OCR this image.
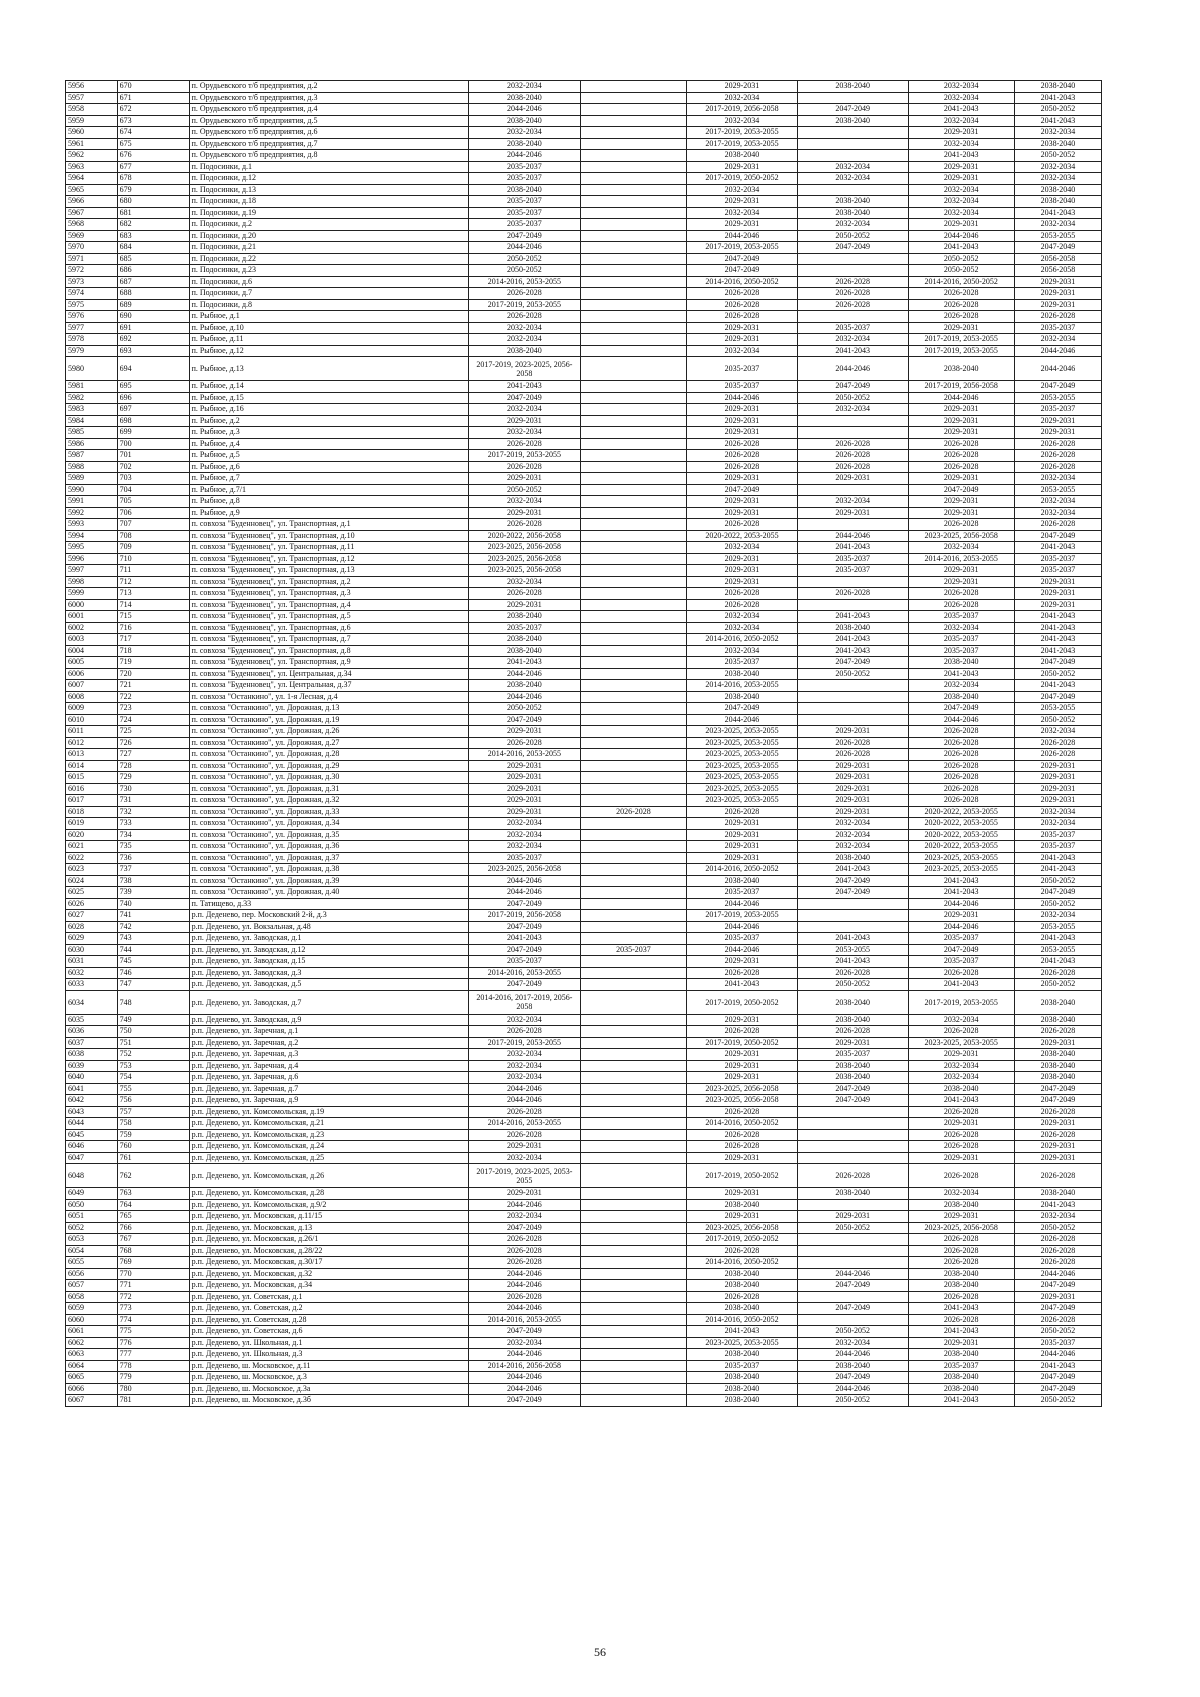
5956	670	п. Орудьевского т/б предприятия, д.2	2032-2034		2029-2031	2038-2040	2032-2034	2038-2040
5957	671	п. Орудьевского т/б предприятия, д.3	2038-2040		2032-2034		2032-2034	2041-2043
5958	672	п. Орудьевского т/б предприятия, д.4	2044-2046		2017-2019, 2056-2058	2047-2049	2041-2043	2050-2052
5959	673	п. Орудьевского т/б предприятия, д.5	2038-2040		2032-2034	2038-2040	2032-2034	2041-2043
5960	674	п. Орудьевского т/б предприятия, д.6	2032-2034		2017-2019, 2053-2055		2029-2031	2032-2034
5961	675	п. Орудьевского т/б предприятия, д.7	2038-2040		2017-2019, 2053-2055		2032-2034	2038-2040
5962	676	п. Орудьевского т/б предприятия, д.8	2044-2046		2038-2040		2041-2043	2050-2052
5963	677	п. Подосинки, д.1	2035-2037		2029-2031	2032-2034	2029-2031	2032-2034
5964	678	п. Подосинки, д.12	2035-2037		2017-2019, 2050-2052	2032-2034	2029-2031	2032-2034
5965	679	п. Подосинки, д.13	2038-2040		2032-2034		2032-2034	2038-2040
5966	680	п. Подосинки, д.18	2035-2037		2029-2031	2038-2040	2032-2034	2038-2040
5967	681	п. Подосинки, д.19	2035-2037		2032-2034	2038-2040	2032-2034	2041-2043
5968	682	п. Подосинки, д.2	2035-2037		2029-2031	2032-2034	2029-2031	2032-2034
5969	683	п. Подосинки, д.20	2047-2049		2044-2046	2050-2052	2044-2046	2053-2055
5970	684	п. Подосинки, д.21	2044-2046		2017-2019, 2053-2055	2047-2049	2041-2043	2047-2049
5971	685	п. Подосинки, д.22	2050-2052		2047-2049		2050-2052	2056-2058
5972	686	п. Подосинки, д.23	2050-2052		2047-2049		2050-2052	2056-2058
5973	687	п. Подосинки, д.6	2014-2016, 2053-2055		2014-2016, 2050-2052	2026-2028	2014-2016, 2050-2052	2029-2031
5974	688	п. Подосинки, д.7	2026-2028		2026-2028	2026-2028	2026-2028	2029-2031
5975	689	п. Подосинки, д.8	2017-2019, 2053-2055		2026-2028	2026-2028	2026-2028	2029-2031
5976	690	п. Рыбное, д.1	2026-2028		2026-2028		2026-2028	2026-2028
5977	691	п. Рыбное, д.10	2032-2034		2029-2031	2035-2037	2029-2031	2035-2037
5978	692	п. Рыбное, д.11	2032-2034		2029-2031	2032-2034	2017-2019, 2053-2055	2032-2034
5979	693	п. Рыбное, д.12	2038-2040		2032-2034	2041-2043	2017-2019, 2053-2055	2044-2046
5980	694	п. Рыбное, д.13	2017-2019, 2023-2025, 2056-2058		2035-2037	2044-2046	2038-2040	2044-2046
5981	695	п. Рыбное, д.14	2041-2043		2035-2037	2047-2049	2017-2019, 2056-2058	2047-2049
5982	696	п. Рыбное, д.15	2047-2049		2044-2046	2050-2052	2044-2046	2053-2055
5983	697	п. Рыбное, д.16	2032-2034		2029-2031	2032-2034	2029-2031	2035-2037
5984	698	п. Рыбное, д.2	2029-2031		2029-2031		2029-2031	2029-2031
5985	699	п. Рыбное, д.3	2032-2034		2029-2031		2029-2031	2029-2031
5986	700	п. Рыбное, д.4	2026-2028		2026-2028	2026-2028	2026-2028	2026-2028
5987	701	п. Рыбное, д.5	2017-2019, 2053-2055		2026-2028	2026-2028	2026-2028	2026-2028
5988	702	п. Рыбное, д.6	2026-2028		2026-2028	2026-2028	2026-2028	2026-2028
5989	703	п. Рыбное, д.7	2029-2031		2029-2031	2029-2031	2029-2031	2032-2034
5990	704	п. Рыбное, д.7/1	2050-2052		2047-2049		2047-2049	2053-2055
5991	705	п. Рыбное, д.8	2032-2034		2029-2031	2032-2034	2029-2031	2032-2034
5992	706	п. Рыбное, д.9	2029-2031		2029-2031	2029-2031	2029-2031	2032-2034
5993	707	п. совхоза "Буденновец", ул. Транспортная, д.1	2026-2028		2026-2028		2026-2028	2026-2028
5994	708	п. совхоза "Буденновец", ул. Транспортная, д.10	2020-2022, 2056-2058		2020-2022, 2053-2055	2044-2046	2023-2025, 2056-2058	2047-2049
5995	709	п. совхоза "Буденновец", ул. Транспортная, д.11	2023-2025, 2056-2058		2032-2034	2041-2043	2032-2034	2041-2043
5996	710	п. совхоза "Буденновец", ул. Транспортная, д.12	2023-2025, 2056-2058		2029-2031	2035-2037	2014-2016, 2053-2055	2035-2037
5997	711	п. совхоза "Буденновец", ул. Транспортная, д.13	2023-2025, 2056-2058		2029-2031	2035-2037	2029-2031	2035-2037
5998	712	п. совхоза "Буденновец", ул. Транспортная, д.2	2032-2034		2029-2031		2029-2031	2029-2031
5999	713	п. совхоза "Буденновец", ул. Транспортная, д.3	2026-2028		2026-2028	2026-2028	2026-2028	2029-2031
6000	714	п. совхоза "Буденновец", ул. Транспортная, д.4	2029-2031		2026-2028		2026-2028	2029-2031
6001	715	п. совхоза "Буденновец", ул. Транспортная, д.5	2038-2040		2032-2034	2041-2043	2035-2037	2041-2043
6002	716	п. совхоза "Буденновец", ул. Транспортная, д.6	2035-2037		2032-2034	2038-2040	2032-2034	2041-2043
6003	717	п. совхоза "Буденновец", ул. Транспортная, д.7	2038-2040		2014-2016, 2050-2052	2041-2043	2035-2037	2041-2043
6004	718	п. совхоза "Буденновец", ул. Транспортная, д.8	2038-2040		2032-2034	2041-2043	2035-2037	2041-2043
6005	719	п. совхоза "Буденновец", ул. Транспортная, д.9	2041-2043		2035-2037	2047-2049	2038-2040	2047-2049
6006	720	п. совхоза "Буденновец", ул. Центральная, д.34	2044-2046		2038-2040	2050-2052	2041-2043	2050-2052
6007	721	п. совхоза "Буденновец", ул. Центральная, д.37	2038-2040		2014-2016, 2053-2055		2032-2034	2041-2043
6008	722	п. совхоза "Останкино", ул. 1-я Лесная, д.4	2044-2046		2038-2040		2038-2040	2047-2049
6009	723	п. совхоза "Останкино", ул. Дорожная, д.13	2050-2052		2047-2049		2047-2049	2053-2055
6010	724	п. совхоза "Останкино", ул. Дорожная, д.19	2047-2049		2044-2046		2044-2046	2050-2052
6011	725	п. совхоза "Останкино", ул. Дорожная, д.26	2029-2031		2023-2025, 2053-2055	2029-2031	2026-2028	2032-2034
6012	726	п. совхоза "Останкино", ул. Дорожная, д.27	2026-2028		2023-2025, 2053-2055	2026-2028	2026-2028	2026-2028
6013	727	п. совхоза "Останкино", ул. Дорожная, д.28	2014-2016, 2053-2055		2023-2025, 2053-2055	2026-2028	2026-2028	2026-2028
6014	728	п. совхоза "Останкино", ул. Дорожная, д.29	2029-2031		2023-2025, 2053-2055	2029-2031	2026-2028	2029-2031
6015	729	п. совхоза "Останкино", ул. Дорожная, д.30	2029-2031		2023-2025, 2053-2055	2029-2031	2026-2028	2029-2031
6016	730	п. совхоза "Останкино", ул. Дорожная, д.31	2029-2031		2023-2025, 2053-2055	2029-2031	2026-2028	2029-2031
6017	731	п. совхоза "Останкино", ул. Дорожная, д.32	2029-2031		2023-2025, 2053-2055	2029-2031	2026-2028	2029-2031
6018	732	п. совхоза "Останкино", ул. Дорожная, д.33	2029-2031	2026-2028	2026-2028	2029-2031	2020-2022, 2053-2055	2032-2034
6019	733	п. совхоза "Останкино", ул. Дорожная, д.34	2032-2034		2029-2031	2032-2034	2020-2022, 2053-2055	2032-2034
6020	734	п. совхоза "Останкино", ул. Дорожная, д.35	2032-2034		2029-2031	2032-2034	2020-2022, 2053-2055	2035-2037
6021	735	п. совхоза "Останкино", ул. Дорожная, д.36	2032-2034		2029-2031	2032-2034	2020-2022, 2053-2055	2035-2037
6022	736	п. совхоза "Останкино", ул. Дорожная, д.37	2035-2037		2029-2031	2038-2040	2023-2025, 2053-2055	2041-2043
6023	737	п. совхоза "Останкино", ул. Дорожная, д.38	2023-2025, 2056-2058		2014-2016, 2050-2052	2041-2043	2023-2025, 2053-2055	2041-2043
6024	738	п. совхоза "Останкино", ул. Дорожная, д.39	2044-2046		2038-2040	2047-2049	2041-2043	2050-2052
6025	739	п. совхоза "Останкино", ул. Дорожная, д.40	2044-2046		2035-2037	2047-2049	2041-2043	2047-2049
6026	740	п. Татищево, д.33	2047-2049		2044-2046		2044-2046	2050-2052
6027	741	р.п. Деденево, пер. Московский 2-й, д.3	2017-2019, 2056-2058		2017-2019, 2053-2055		2029-2031	2032-2034
6028	742	р.п. Деденево, ул. Вокзальная, д.48	2047-2049		2044-2046		2044-2046	2053-2055
6029	743	р.п. Деденево, ул. Заводская, д.1	2041-2043		2035-2037	2041-2043	2035-2037	2041-2043
6030	744	р.п. Деденево, ул. Заводская, д.12	2047-2049	2035-2037	2044-2046	2053-2055	2047-2049	2053-2055
6031	745	р.п. Деденево, ул. Заводская, д.15	2035-2037		2029-2031	2041-2043	2035-2037	2041-2043
6032	746	р.п. Деденево, ул. Заводская, д.3	2014-2016, 2053-2055		2026-2028	2026-2028	2026-2028	2026-2028
6033	747	р.п. Деденево, ул. Заводская, д.5	2047-2049		2041-2043	2050-2052	2041-2043	2050-2052
6034	748	р.п. Деденево, ул. Заводская, д.7	2014-2016, 2017-2019, 2056-2058		2017-2019, 2050-2052	2038-2040	2017-2019, 2053-2055	2038-2040
6035	749	р.п. Деденево, ул. Заводская, д.9	2032-2034		2029-2031	2038-2040	2032-2034	2038-2040
6036	750	р.п. Деденево, ул. Заречная, д.1	2026-2028		2026-2028	2026-2028	2026-2028	2026-2028
6037	751	р.п. Деденево, ул. Заречная, д.2	2017-2019, 2053-2055		2017-2019, 2050-2052	2029-2031	2023-2025, 2053-2055	2029-2031
6038	752	р.п. Деденево, ул. Заречная, д.3	2032-2034		2029-2031	2035-2037	2029-2031	2038-2040
6039	753	р.п. Деденево, ул. Заречная, д.4	2032-2034		2029-2031	2038-2040	2032-2034	2038-2040
6040	754	р.п. Деденево, ул. Заречная, д.6	2032-2034		2029-2031	2038-2040	2032-2034	2038-2040
6041	755	р.п. Деденево, ул. Заречная, д.7	2044-2046		2023-2025, 2056-2058	2047-2049	2038-2040	2047-2049
6042	756	р.п. Деденево, ул. Заречная, д.9	2044-2046		2023-2025, 2056-2058	2047-2049	2041-2043	2047-2049
6043	757	р.п. Деденево, ул. Комсомольская, д.19	2026-2028		2026-2028		2026-2028	2026-2028
6044	758	р.п. Деденево, ул. Комсомольская, д.21	2014-2016, 2053-2055		2014-2016, 2050-2052		2029-2031	2029-2031
6045	759	р.п. Деденево, ул. Комсомольская, д.23	2026-2028		2026-2028		2026-2028	2026-2028
6046	760	р.п. Деденево, ул. Комсомольская, д.24	2029-2031		2026-2028		2026-2028	2029-2031
6047	761	р.п. Деденево, ул. Комсомольская, д.25	2032-2034		2029-2031		2029-2031	2029-2031
6048	762	р.п. Деденево, ул. Комсомольская, д.26	2017-2019, 2023-2025, 2053-2055		2017-2019, 2050-2052	2026-2028	2026-2028	2026-2028
6049	763	р.п. Деденево, ул. Комсомольская, д.28	2029-2031		2029-2031	2038-2040	2032-2034	2038-2040
6050	764	р.п. Деденево, ул. Комсомольская, д.9/2	2044-2046		2038-2040		2038-2040	2041-2043
6051	765	р.п. Деденево, ул. Московская, д.11/15	2032-2034		2029-2031	2029-2031	2029-2031	2032-2034
6052	766	р.п. Деденево, ул. Московская, д.13	2047-2049		2023-2025, 2056-2058	2050-2052	2023-2025, 2056-2058	2050-2052
6053	767	р.п. Деденево, ул. Московская, д.26/1	2026-2028		2017-2019, 2050-2052		2026-2028	2026-2028
6054	768	р.п. Деденево, ул. Московская, д.28/22	2026-2028		2026-2028		2026-2028	2026-2028
6055	769	р.п. Деденево, ул. Московская, д.30/17	2026-2028		2014-2016, 2050-2052		2026-2028	2026-2028
6056	770	р.п. Деденево, ул. Московская, д.32	2044-2046		2038-2040	2044-2046	2038-2040	2044-2046
6057	771	р.п. Деденево, ул. Московская, д.34	2044-2046		2038-2040	2047-2049	2038-2040	2047-2049
6058	772	р.п. Деденево, ул. Советская, д.1	2026-2028		2026-2028		2026-2028	2029-2031
6059	773	р.п. Деденево, ул. Советская, д.2	2044-2046		2038-2040	2047-2049	2041-2043	2047-2049
6060	774	р.п. Деденево, ул. Советская, д.28	2014-2016, 2053-2055		2014-2016, 2050-2052		2026-2028	2026-2028
6061	775	р.п. Деденево, ул. Советская, д.6	2047-2049		2041-2043	2050-2052	2041-2043	2050-2052
6062	776	р.п. Деденево, ул. Школьная, д.1	2032-2034		2023-2025, 2053-2055	2032-2034	2029-2031	2035-2037
6063	777	р.п. Деденево, ул. Школьная, д.3	2044-2046		2038-2040	2044-2046	2038-2040	2044-2046
6064	778	р.п. Деденево, ш. Московское, д.11	2014-2016, 2056-2058		2035-2037	2038-2040	2035-2037	2041-2043
6065	779	р.п. Деденево, ш. Московское, д.3	2044-2046		2038-2040	2047-2049	2038-2040	2047-2049
6066	780	р.п. Деденево, ш. Московское, д.3а	2044-2046		2038-2040	2044-2046	2038-2040	2047-2049
6067	781	р.п. Деденево, ш. Московское, д.3б	2047-2049		2038-2040	2050-2052	2041-2043	2050-2052
56
